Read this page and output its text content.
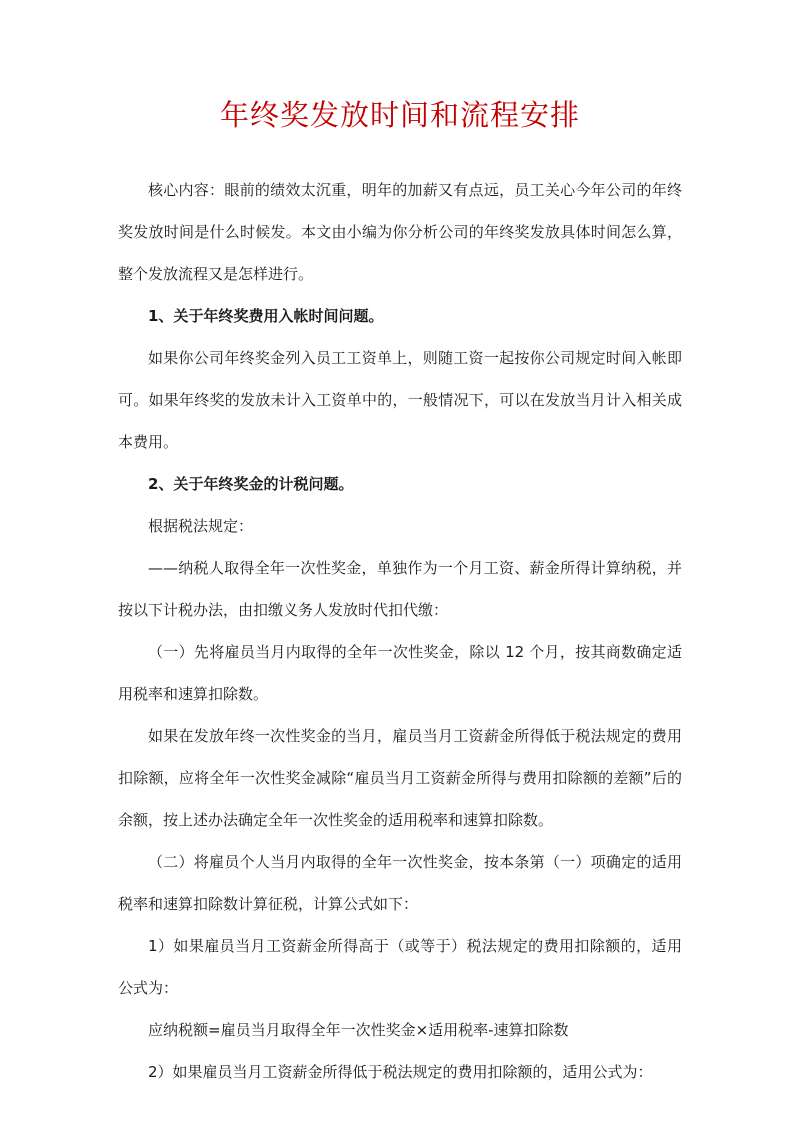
年终奖发放时间和流程安排

核心内容：眼前的绩效太沉重，明年的加薪又有点远，员工关心今年公司的年终奖发放时间是什么时候发。本文由小编为你分析公司的年终奖发放具体时间怎么算，整个发放流程又是怎样进行。

1、关于年终奖费用入帐时间问题。

如果你公司年终奖金列入员工工资单上，则随工资一起按你公司规定时间入帐即可。如果年终奖的发放未计入工资单中的，一般情况下，可以在发放当月计入相关成本费用。

2、关于年终奖金的计税问题。

根据税法规定：

——纳税人取得全年一次性奖金，单独作为一个月工资、薪金所得计算纳税，并按以下计税办法，由扣缴义务人发放时代扣代缴：

（一）先将雇员当月内取得的全年一次性奖金，除以 12 个月，按其商数确定适用税率和速算扣除数。

如果在发放年终一次性奖金的当月，雇员当月工资薪金所得低于税法规定的费用扣除额，应将全年一次性奖金减除“雇员当月工资薪金所得与费用扣除额的差额”后的余额，按上述办法确定全年一次性奖金的适用税率和速算扣除数。

（二）将雇员个人当月内取得的全年一次性奖金，按本条第（一）项确定的适用税率和速算扣除数计算征税，计算公式如下：

1）如果雇员当月工资薪金所得高于（或等于）税法规定的费用扣除额的，适用公式为：

应纳税额=雇员当月取得全年一次性奖金×适用税率-速算扣除数

2）如果雇员当月工资薪金所得低于税法规定的费用扣除额的，适用公式为：
